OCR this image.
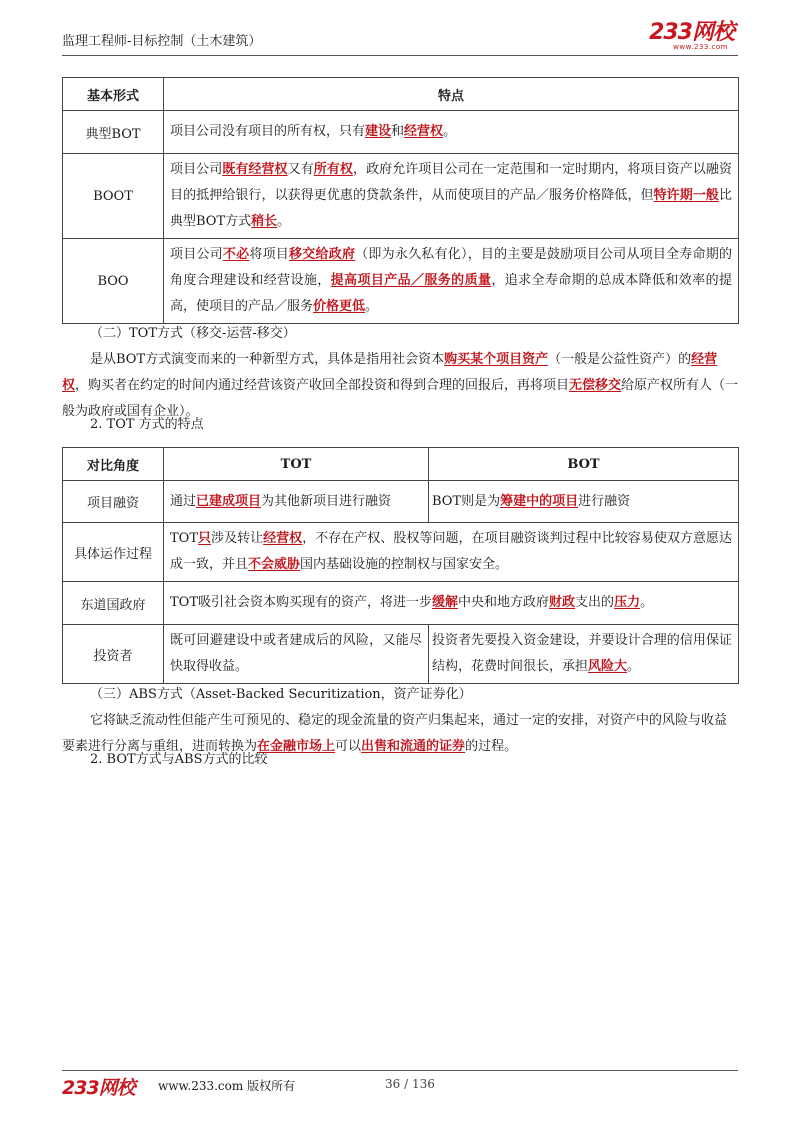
监理工程师-目标控制（土木建筑）	233网校
www.233.com
基本形式	特点
典型BOT	项目公司没有项目的所有权，只有建设和经营权。
BOOT	项目公司既有经营权又有所有权，政府允许项目公司在一定范围和一定时期内，将项目资产以融资目的抵押给银行，以获得更优惠的贷款条件，从而使项目的产品／服务价格降低，但特许期一般比典型BOT方式稍长。
BOO	项目公司不必将项目移交给政府（即为永久私有化），目的主要是鼓励项目公司从项目全寿命期的角度合理建设和经营设施，提高项目产品／服务的质量，追求全寿命期的总成本降低和效率的提高，使项目的产品／服务价格更低。
（二）TOT方式（移交-运营-移交）
是从BOT方式演变而来的一种新型方式，具体是指用社会资本购买某个项目资产（一般是公益性资产）的经营权，购买者在约定的时间内通过经营该资产收回全部投资和得到合理的回报后，再将项目无偿移交给原产权所有人（一般为政府或国有企业）。
2. TOT 方式的特点
对比角度	TOT	BOT
项目融资	通过已建成项目为其他新项目进行融资	BOT则是为筹建中的项目进行融资
具体运作过程	TOT只涉及转让经营权，不存在产权、股权等问题，在项目融资谈判过程中比较容易使双方意愿达成一致，并且不会威胁国内基础设施的控制权与国家安全。	
东道国政府	TOT吸引社会资本购买现有的资产，将进一步缓解中央和地方政府财政支出的压力。	
投资者	既可回避建设中或者建成后的风险，又能尽快取得收益。	投资者先要投入资金建设，并要设计合理的信用保证结构，花费时间很长，承担风险大。
（三）ABS方式（Asset-Backed Securitization，资产证券化）
它将缺乏流动性但能产生可预见的、稳定的现金流量的资产归集起来，通过一定的安排，对资产中的风险与收益要素进行分离与重组，进而转换为在金融市场上可以出售和流通的证券的过程。
2. BOT方式与ABS方式的比较
233网校 www.233.com 版权所有	36 / 136
